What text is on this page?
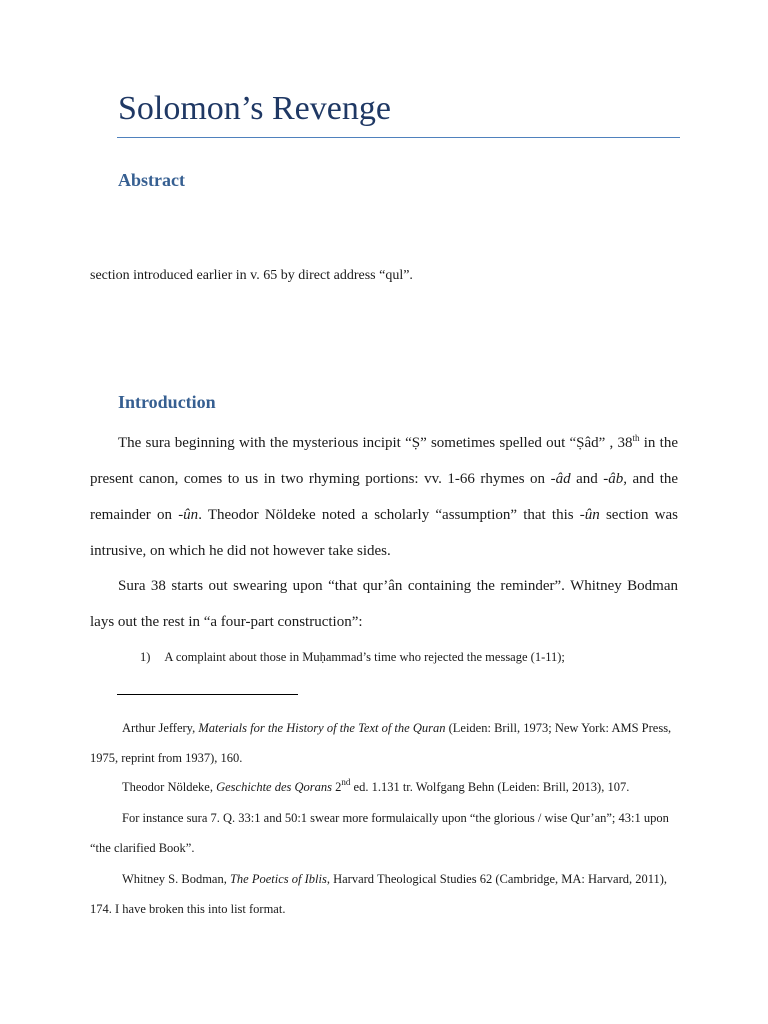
Solomon’s Revenge
Abstract
section introduced earlier in v. 65 by direct address “qul”.
Introduction
The sura beginning with the mysterious incipit “Ṣ” sometimes spelled out “Ṣâd” , 38th in the
present canon, comes to us in two rhyming portions: vv. 1-66 rhymes on -âd and -âb, and the
remainder on -ûn. Theodor Nöldeke noted a scholarly “assumption” that this -ûn section was
intrusive, on which he did not however take sides.
Sura 38 starts out swearing upon “that qur’ân containing the reminder”. Whitney Bodman
lays out the rest in “a four-part construction”:
1) A complaint about those in Muḥammad’s time who rejected the message (1-11);
Arthur Jeffery, Materials for the History of the Text of the Quran (Leiden: Brill, 1973; New York: AMS Press,
1975, reprint from 1937), 160.
Theodor Nöldeke, Geschichte des Qorans 2nd ed. 1.131 tr. Wolfgang Behn (Leiden: Brill, 2013), 107.
For instance sura 7. Q. 33:1 and 50:1 swear more formulaically upon “the glorious / wise Qur’an”; 43:1 upon
“the clarified Book”.
Whitney S. Bodman, The Poetics of Iblis, Harvard Theological Studies 62 (Cambridge, MA: Harvard, 2011),
174. I have broken this into list format.
